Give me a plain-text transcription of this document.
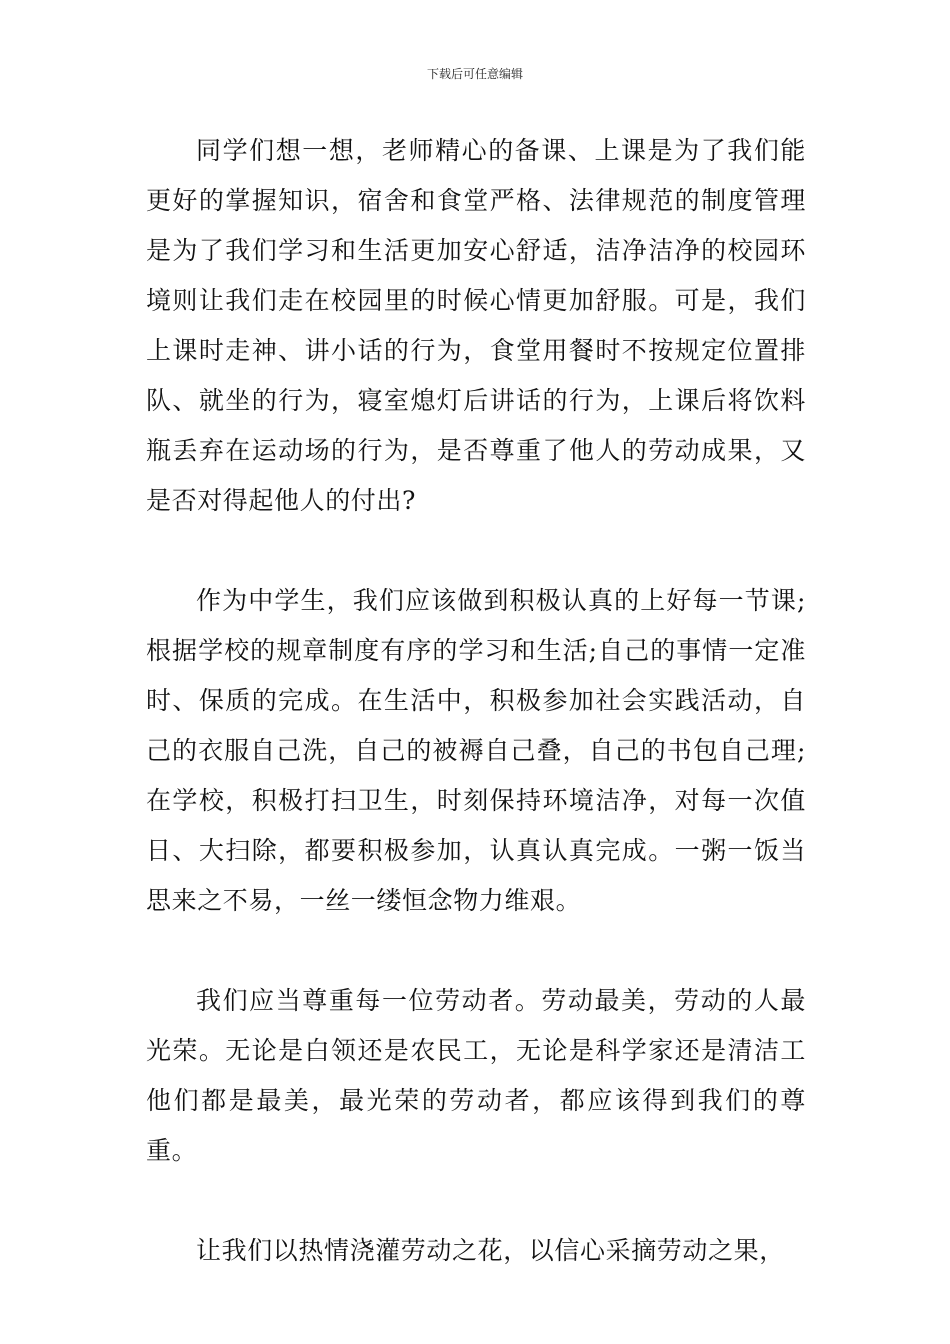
下载后可任意编辑

同学们想一想，老师精心的备课、上课是为了我们能更好的掌握知识，宿舍和食堂严格、法律规范的制度管理是为了我们学习和生活更加安心舒适，洁净洁净的校园环境则让我们走在校园里的时候心情更加舒服。可是，我们上课时走神、讲小话的行为，食堂用餐时不按规定位置排队、就坐的行为，寝室熄灯后讲话的行为，上课后将饮料瓶丢弃在运动场的行为，是否尊重了他人的劳动成果，又是否对得起他人的付出?

作为中学生，我们应该做到积极认真的上好每一节课;根据学校的规章制度有序的学习和生活;自己的事情一定准时、保质的完成。在生活中，积极参加社会实践活动，自己的衣服自己洗，自己的被褥自己叠，自己的书包自己理;在学校，积极打扫卫生，时刻保持环境洁净，对每一次值日、大扫除，都要积极参加，认真认真完成。一粥一饭当思来之不易，一丝一缕恒念物力维艰。

我们应当尊重每一位劳动者。劳动最美，劳动的人最光荣。无论是白领还是农民工，无论是科学家还是清洁工他们都是最美，最光荣的劳动者，都应该得到我们的尊重。

让我们以热情浇灌劳动之花，以信心采摘劳动之果，
